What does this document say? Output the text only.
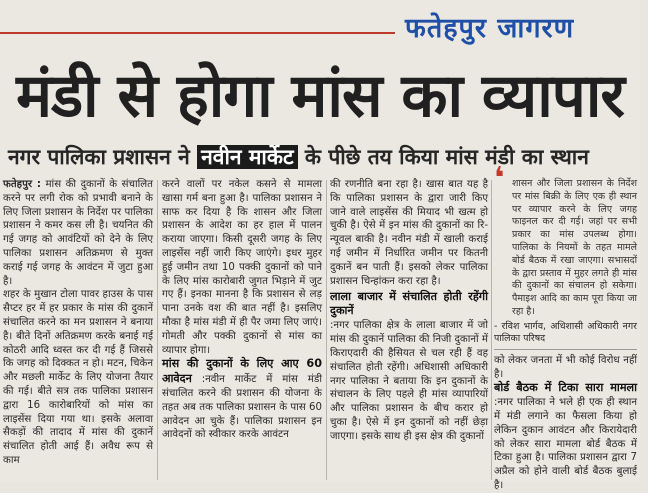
फतेहपुर जागरण
मंडी से होगा मांस का व्यापार
नगर पालिका प्रशासन ने नवीन मार्केट के पीछे तय किया मांस मंडी का स्थान

फतेहपुर : मांस की दुकानों के संचालित करने पर लगी रोक को प्रभावी बनाने के लिए जिला प्रशासन के निर्देश पर पालिका प्रशासन ने कमर कस ली है। चयनित की गई जगह को आवंटियों को देने के लिए पालिका प्रशासन अतिक्रमण से मुक्त कराई गई जगह के आवंटन में जुटा हुआ है।

शहर के मुखान टोला पावर हाउस के पास सैप्टर हर में हर प्रकार के मांस की दुकानें संचालित करने का मन प्रशासन ने बनाया है। बीते दिनों अतिक्रमण करके बनाई गई कोठरी आदि ध्वस्त कर दी गई हैं जिससे कि जगह को दिक्कत न हो। मटन, चिकेन और मछली मार्केट के लिए योजना तैयार की गई। बीते सत्र तक पालिका प्रशासन द्वारा 16 कारोबारियों को मांस का लाइसेंस दिया गया था। इसके अलावा सैकड़ों की तादाद में मांस की दुकानें संचालित होती आई हैं। अवैध रूप से काम

करने वालों पर नकेल कसने से मामला खासा गर्म बना हुआ है। पालिका प्रशासन ने साफ कर दिया है कि शासन और जिला प्रशासन के आदेश का हर हाल में पालन कराया जाएगा। किसी दूसरी जगह के लिए लाइसेंस नहीं जारी किए जाएंगे। इधर मुहर हुई जमीन तथा 10 पक्की दुकानों को पाने के लिए मांस कारोबारी जुगत भिड़ाने में जुट गए हैं। इनका मानना है कि प्रशासन से लड़ पाना उनके वश की बात नहीं है। इसलिए मौका है मांस मंडी में ही पैर जमा लिए जाएं। गोमती और पक्की दुकानों से मांस का व्यापार होगा।

मांस की दुकानों के लिए आए 60 आवेदन :नवीन मार्केट में मांस मंडी संचालित करने की प्रशासन की योजना के तहत अब तक पालिका प्रशासन के पास 60 आवेदन आ चुके हैं। पालिका प्रशासन इन आवेदनों को स्वीकार करके आवंटन

की रणनीति बना रहा है। खास बात यह है कि पालिका प्रशासन के द्वारा जारी किए जाने वाले लाइसेंस की मियाद भी खत्म हो चुकी है। ऐसे में इन मांस की दुकानों का रि-न्यूवल बाकी है। नवीन मंडी में खाली कराई गई जमीन में निर्धारित जमीन पर कितनी दुकानें बन पाती हैं। इसको लेकर पालिका प्रशासन चिन्हांकन करा रहा है।

लाला बाजार में संचालित होती रहेंगी दुकानें

:नगर पालिका क्षेत्र के लाला बाजार में जो मांस की दुकानें पालिका की निजी दुकानों में किराएदारी की हैसियत से चल रही हैं वह संचालित होती रहेंगी। अधिशासी अधिकारी नगर पालिका ने बताया कि इन दुकानों के संचालन के लिए पहले ही मांस व्यापारियों और पालिका प्रशासन के बीच करार हो चुका है। ऐसे में इन दुकानों को नहीं छेड़ा जाएगा। इसके साथ ही इस क्षेत्र की दुकानों

❛ शासन और जिला प्रशासन के निर्देश पर मांस बिक्री के लिए एक ही स्थान पर व्यापार करने के लिए जगह फाइनल कर दी गई। जहां पर सभी प्रकार का मांस उपलब्ध होगा। पालिका के नियमों के तहत मामले बोर्ड बैठक में रखा जाएगा। सभासदों के द्वारा प्रस्ताव में मुहर लगते ही मांस की दुकानों का संचालन हो सकेगा। पैमाइश आदि का काम पूरा किया जा रहा है।
- रविश भार्गव, अधिशासी अधिकारी नगर पालिका परिषद

को लेकर जनता में भी कोई विरोध नहीं है।

बोर्ड बैठक में टिका सारा मामला :नगर पालिका ने भले ही एक ही स्थान में मंडी लगाने का फैसला किया हो लेकिन दुकान आवंटन और किरायेदारी को लेकर सारा मामला बोर्ड बैठक में टिका हुआ है। पालिका प्रशासन द्वारा 7 अप्रैल को होने वाली बोर्ड बैठक बुलाई है।
